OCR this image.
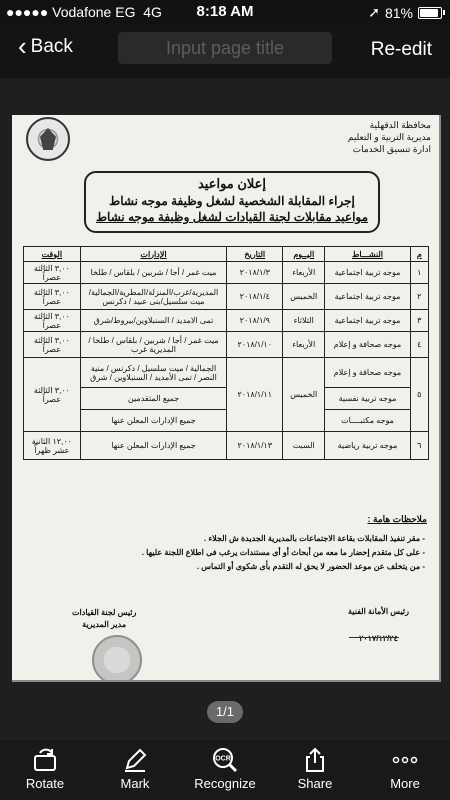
●●●●● Vodafone EG 4G	8:18 AM	➚ 81%
‹ Back	Input page title	Re-edit
محافظة الدقهلية
مديرية التربية و التعليم
ادارة تنسيق الخدمات
إعلان مواعيد
إجراء المقابلة الشخصية لشغل وظيفة موجه نشاط
مواعيد مقابلات لجنة القيادات لشغل وظيفة موجه نشاط
م	النشـــاط	اليــوم	التاريخ	الإدارات	الوقت
١	موجه تربية اجتماعية	الأربعاء	٢٠١٨/١/٣	ميت غمر / أجا / شربين / بلقاس / طلخا	٣,٠٠ الثالثة عصراً
٢	موجه تربية اجتماعية	الخميس	٢٠١٨/١/٤	المديرية/غرب/المنزلة/المطرية/الجمالية/ميت سلسيل/بنى عبيد / دكرنس	٣,٠٠ الثالثة عصراً
٣	موجه تربية اجتماعية	الثلاثاء	٢٠١٨/١/٩	تمى الامديد / السنبلاوين/بيروط/شرق	٣,٠٠ الثالثة عصراً
٤	موجه صحافة و إعلام	الأربعاء	٢٠١٨/١/١٠	ميت غمر / أجا / شربين / بلقاس / طلخا / المديرية غرب	٣,٠٠ الثالثة عصراً
٥	موجه صحافة و إعلام	الخميس	٢٠١٨/١/١١	الجمالية / ميت سلسيل / دكرنس / منية النصر / تمى الأمديد / السنبلاوين / شرق	٣,٠٠ الثالثة عصراً
	موجه تربية نفسية			جميع المتقدمين	
	موجه مكتبــــات			جميع الإدارات المعلن عنها	
٦	موجه تربية رياضية	السبت	٢٠١٨/١/١٣	جميع الإدارات المعلن عنها	١٢,٠٠ الثانية عشر ظهراً
ملاحظات هامة :
- مقر تنفيذ المقابلات بقاعة الاجتماعات بالمديرية الجديدة ش الجلاء .
- على كل متقدم إحضار ما معه من أبحاث أو أى مستندات يرغب فى اطلاع اللجنة عليها .
- من يتخلف عن موعد الحضور لا يحق له التقدم بأى شكوى أو التماس .
رئيس الأمانة الفنية
٢٠١٧/١٢/٢٤
رئيس لجنة القيادات
مدير المديرية
1/1
Rotate	Mark
OCR
Recognize	Share	More
